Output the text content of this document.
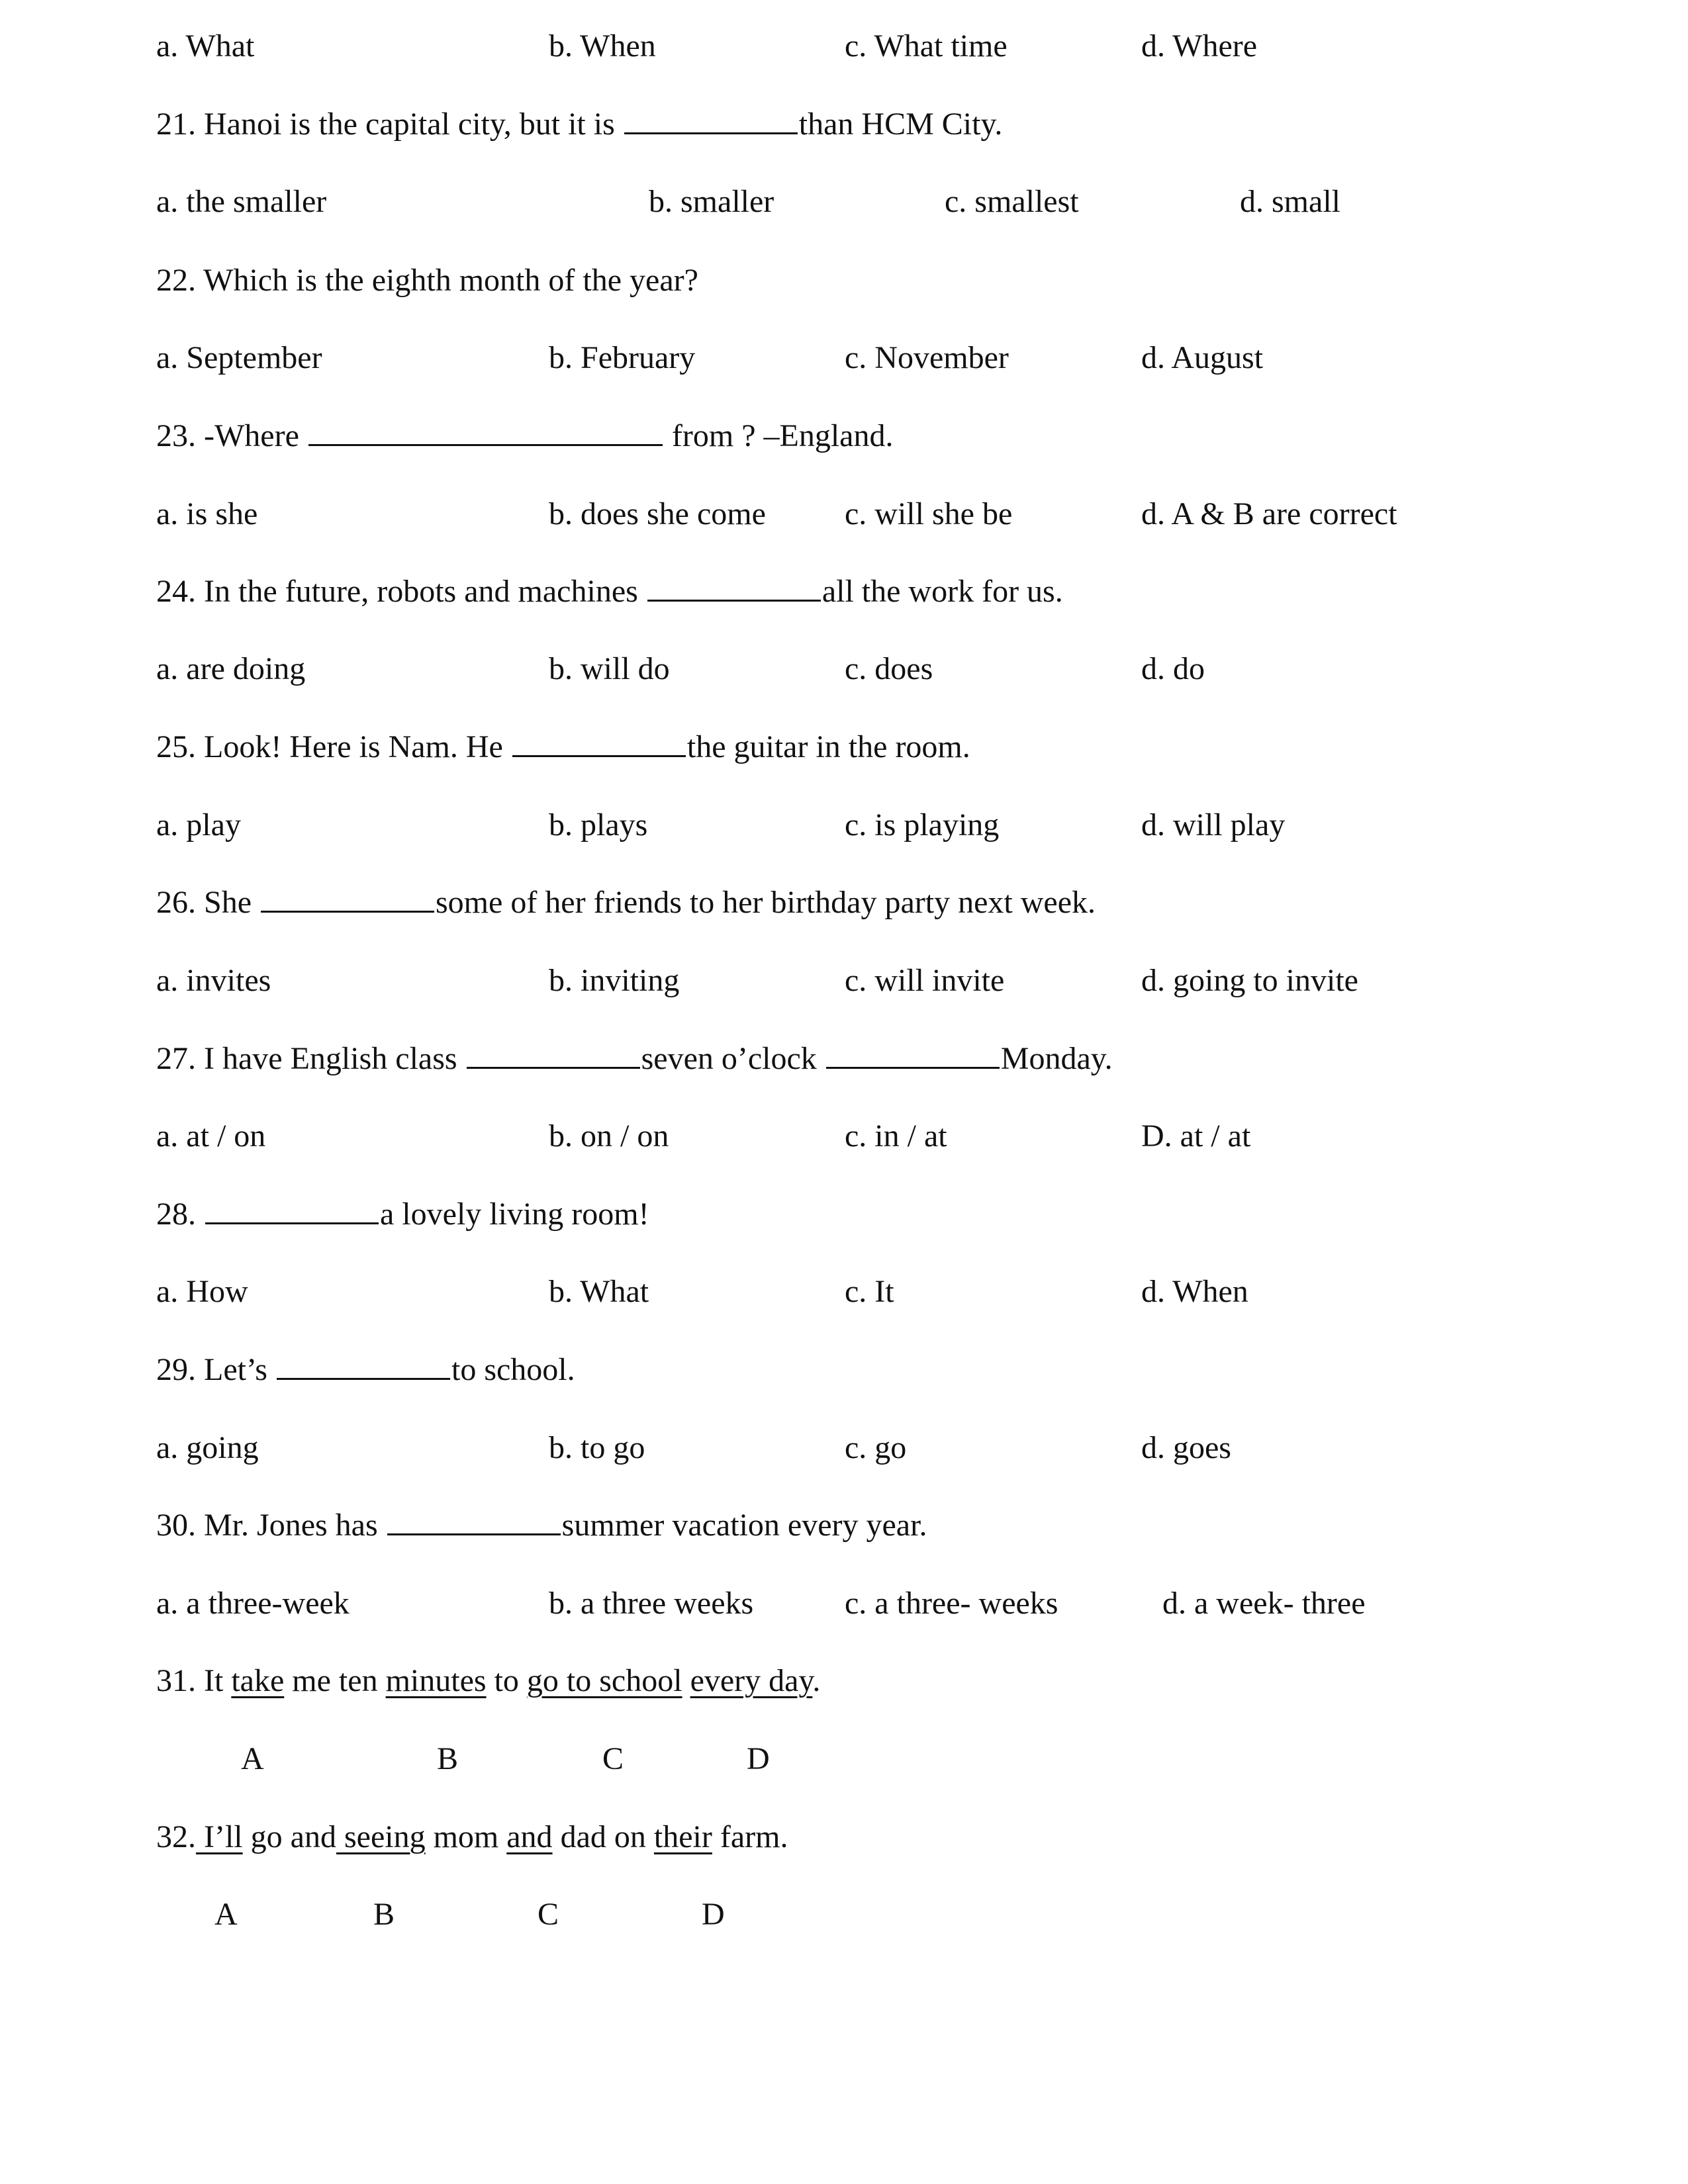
a. What	b. When	c. What time	d. Where
21. Hanoi is the capital city, but it is	than HCM City.
a. the smaller	b. smaller	c. smallest	d. small
22. Which is the eighth month of the year?
a. September	b. February	c. November	d. August
23. -Where	from ? –England.
a. is she	b. does she come c. will she be	d. A & B are correct
24. In the future, robots and machines	all the work for us.
a. are doing	b. will do	c. does	d. do
25. Look! Here is Nam. He	the guitar in the room.
a. play	b. plays	c. is playing	d. will play
26. She	some of her friends to her birthday party next week.
a. invites	b. inviting	c. will invite	d. going to invite
27. I have English class	seven o’clock	Monday.
a. at / on	b. on / on	c. in / at	D. at / at
28.	a lovely living room!
a. How	b. What	c. It	d. When
29. Let’s	to school.
a. going	b. to go	c. go	d. goes
30. Mr. Jones has	summer vacation every year.
a. a three-week	b. a three weeks	c. a three- weeks	d. a week- three
31. It take me ten minutes to go to school every day.
A	B	C	D
32. I’ll go and seeing mom and dad on their farm.
A	B	C	D
